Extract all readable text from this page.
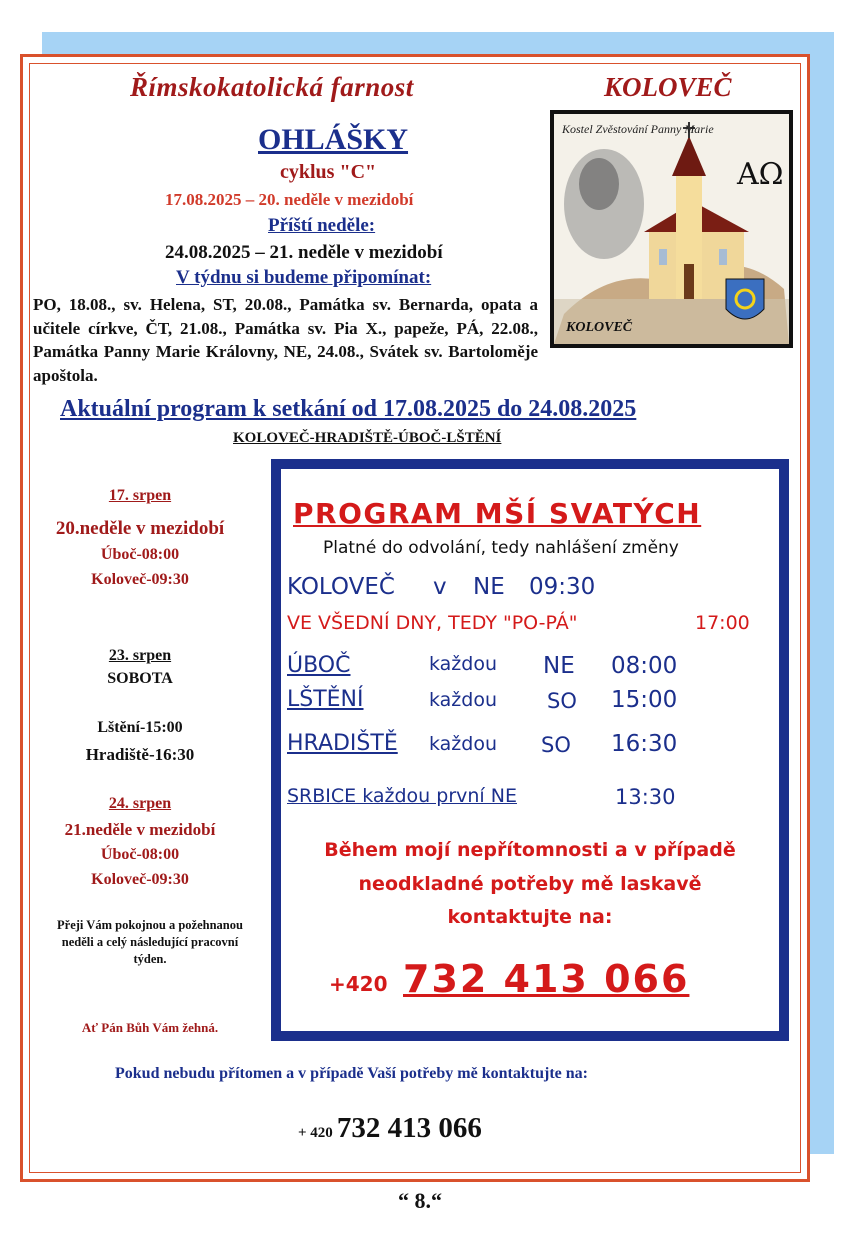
Římskokatolická farnost	KOLOVEČ
OHLÁŠKY
cyklus "C"
17.08.2025 – 20. neděle v mezidobí
Příští neděle:
24.08.2025 – 21. neděle v mezidobí
V týdnu si budeme připomínat:
PO, 18.08., sv. Helena, ST, 20.08., Památka sv. Bernarda, opata a učitele církve, ČT, 21.08., Památka sv. Pia X., papeže, PÁ, 22.08., Památka Panny Marie Královny, NE, 24.08., Svátek sv. Bartoloměje apoštola.
AΩ
Kostel Zvěstování Panny Marie
KOLOVEČ
Aktuální program k setkání od 17.08.2025 do 24.08.2025
KOLOVEČ-HRADIŠTĚ-ÚBOČ-LŠTĚNÍ
17. srpen
20.neděle v mezidobí
Úboč-08:00
Koloveč-09:30
23. srpen
SOBOTA
Lštění-15:00
Hradiště-16:30
24. srpen
21.neděle v mezidobí
Úboč-08:00
Koloveč-09:30
Přeji Vám pokojnou a požehnanou neděli a celý následující pracovní týden.
Ať Pán Bůh Vám žehná.
PROGRAM MŠÍ SVATÝCH
Platné do odvolání, tedy nahlášení změny
KOLOVEČ v NE 09:30
VE VŠEDNÍ DNY, TEDY "PO-PÁ"	17:00
ÚBOČ	každou NE 08:00
LŠTĚNÍ	každou SO 15:00
HRADIŠTĚ každou SO 16:30
SRBICE každou první NE	13:30
Během mojí nepřítomnosti a v případě
neodkladné potřeby mě laskavě
kontaktujte na:
+420 732 413 066
Pokud nebudu přítomen a v případě Vaší potřeby mě kontaktujte na:
+ 420 732 413 066
“ 8.“
